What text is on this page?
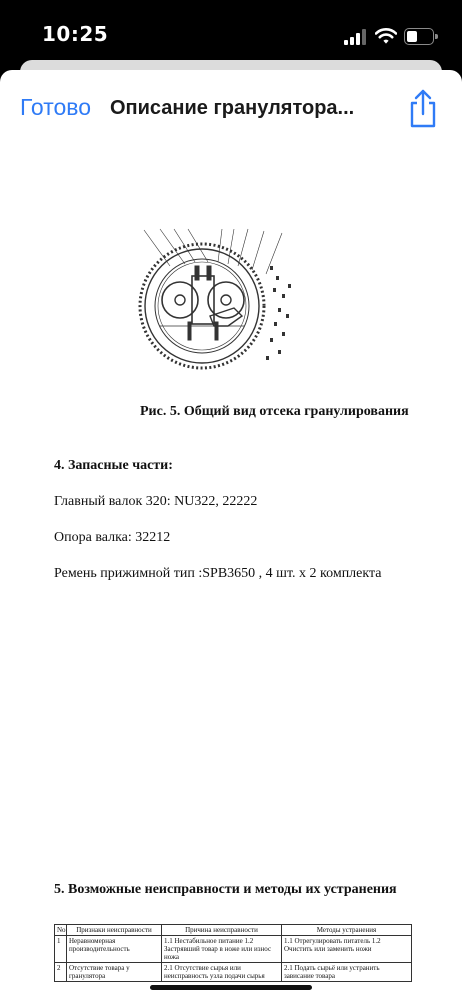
10:25
Готово Описание гранулятора...
Рис. 5. Общий вид отсека гранулирования
4. Запасные части:
Главный валок 320: NU322, 22222
Опора валка: 32212
Ремень прижимной тип :SPB3650 , 4 шт. х 2 комплекта
5. Возможные неисправности и методы их устранения
No	Признаки неисправности	Причина неисправности	Методы устранения
1	Неравномерная производительность	1.1 Нестабильное питание 1.2 Застрявший товар в ноже или износ ножа	1.1 Отрегулировать питатель 1.2 Очистить или заменить ножи
2	Отсутствие товара у гранулятора	2.1 Отсутствие сырья или неисправность узла подачи сырья	2.1 Подать сырьё или устранить зависание товара
